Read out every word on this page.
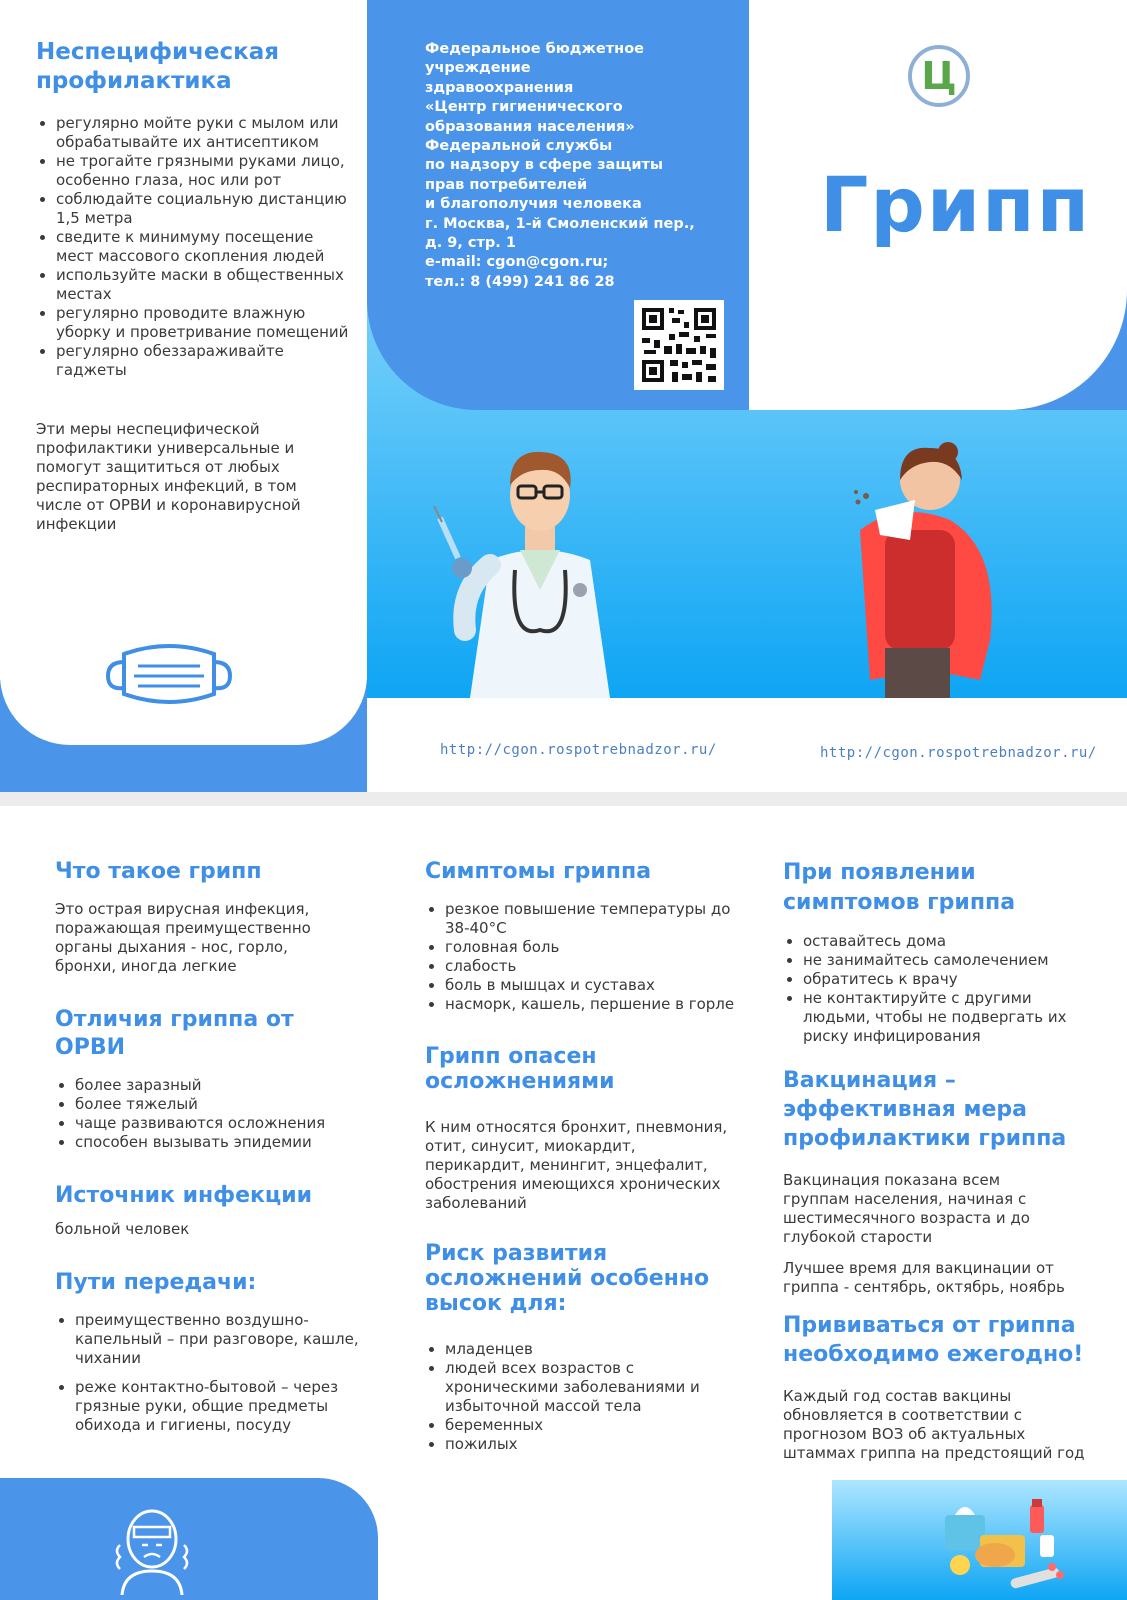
Неспецифическая профилактика
• регулярно мойте руки с мылом или обрабатывайте их антисептиком
• не трогайте грязными руками лицо, особенно глаза, нос или рот
• соблюдайте социальную дистанцию 1,5 метра
• сведите к минимуму посещение мест массового скопления людей
• используйте маски в общественных местах
• регулярно проводите влажную уборку и проветривание помещений
• регулярно обеззараживайте гаджеты
Эти меры неспецифической профилактики универсальные и помогут защититься от любых респираторных инфекций, в том числе от ОРВИ и коронавирусной инфекции
Федеральное бюджетное
учреждение
здравоохранения
«Центр гигиенического
образования населения»
Федеральной службы
по надзору в сфере защиты
прав потребителей
и благополучия человека
г. Москва, 1-й Смоленский пер.,
д. 9, стр. 1
e-mail: cgon@cgon.ru;
тел.: 8 (499) 241 86 28
Ц
Грипп
http://cgon.rospotrebnadzor.ru/	http://cgon.rospotrebnadzor.ru/
Что такое грипп
Это острая вирусная инфекция, поражающая преимущественно органы дыхания - нос, горло, бронхи, иногда легкие
Отличия гриппа от ОРВИ
• более заразный
• более тяжелый
• чаще развиваются осложнения
• способен вызывать эпидемии
Источник инфекции
больной человек
Пути передачи:
• преимущественно воздушно-капельный – при разговоре, кашле, чихании
• реже контактно-бытовой – через грязные руки, общие предметы обихода и гигиены, посуду
Симптомы гриппа
• резкое повышение температуры до 38-40°С
• головная боль
• слабость
• боль в мышцах и суставах
• насморк, кашель, першение в горле
Грипп опасен осложнениями
К ним относятся бронхит, пневмония, отит, синусит, миокардит, перикардит, менингит, энцефалит, обострения имеющихся хронических заболеваний
Риск развития осложнений особенно высок для:
• младенцев
• людей всех возрастов с хроническими заболеваниями и избыточной массой тела
• беременных
• пожилых
При появлении симптомов гриппа
• оставайтесь дома
• не занимайтесь самолечением
• обратитесь к врачу
• не контактируйте с другими людьми, чтобы не подвергать их риску инфицирования
Вакцинация – эффективная мера профилактики гриппа
Вакцинация показана всем группам населения, начиная с шестимесячного возраста и до глубокой старости
Лучшее время для вакцинации от гриппа - сентябрь, октябрь, ноябрь
Прививаться от гриппа необходимо ежегодно!
Каждый год состав вакцины обновляется в соответствии с прогнозом ВОЗ об актуальных штаммах гриппа на предстоящий год
